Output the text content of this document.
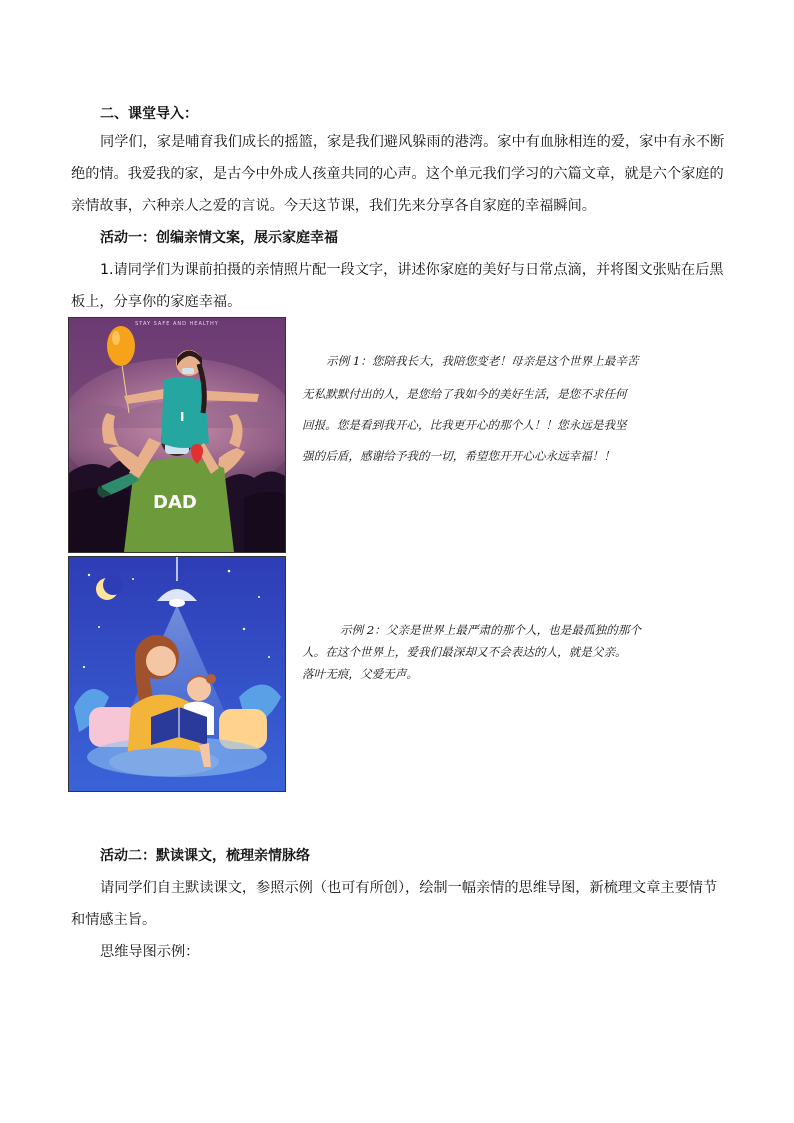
二、课堂导入：
同学们，家是哺育我们成长的摇篮，家是我们避风躲雨的港湾。家中有血脉相连的爱，家中有永不断
绝的情。我爱我的家，是古今中外成人孩童共同的心声。这个单元我们学习的六篇文章，就是六个家庭的
亲情故事，六种亲人之爱的言说。今天这节课，我们先来分享各自家庭的幸福瞬间。
活动一：创编亲情文案，展示家庭幸福
1.请同学们为课前拍摄的亲情照片配一段文字，讲述你家庭的美好与日常点滴，并将图文张贴在后黑
板上，分享你的家庭幸福。
I
DAD
STAY SAFE AND HEALTHY
示例 1：您陪我长大，我陪您变老！母亲是这个世界上最辛苦
无私默默付出的人，是您给了我如今的美好生活，是您不求任何
回报。您是看到我开心，比我更开心的那个人！！您永远是我坚
强的后盾，感谢给予我的一切，希望您开开心心永远幸福！！
示例 2：父亲是世界上最严肃的那个人，也是最孤独的那个
人。在这个世界上，爱我们最深却又不会表达的人，就是父亲。
落叶无痕，父爱无声。
活动二：默读课文，梳理亲情脉络
请同学们自主默读课文，参照示例（也可有所创），绘制一幅亲情的思维导图，新梳理文章主要情节
和情感主旨。
思维导图示例：
